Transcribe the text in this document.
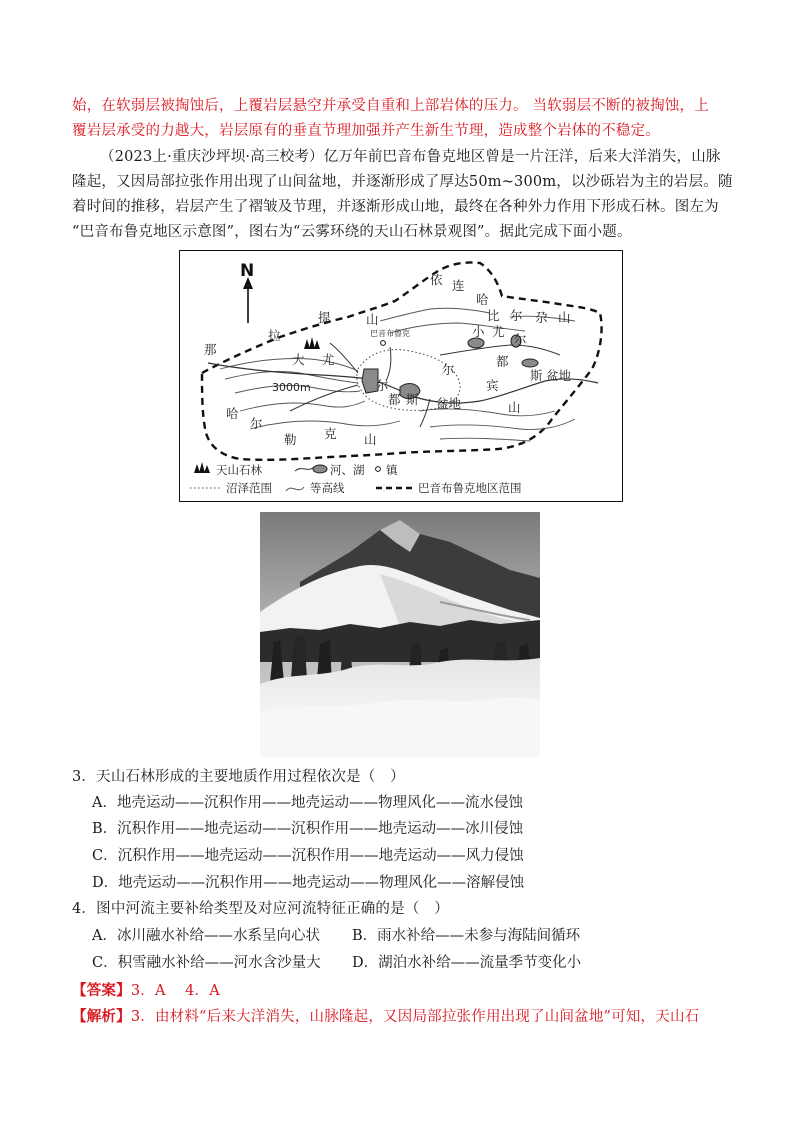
始，在软弱层被掏蚀后，上覆岩层悬空并承受自重和上部岩体的压力。 当软弱层不断的被掏蚀，上
覆岩层承受的力越大，岩层原有的垂直节理加强并产生新生节理，造成整个岩体的不稳定。
（2023上·重庆沙坪坝·高三校考）亿万年前巴音布鲁克地区曾是一片汪洋，后来大洋消失，山脉
隆起，又因局部拉张作用出现了山间盆地，并逐渐形成了厚达50m~300m，以沙砾岩为主的岩层。随
着时间的推移，岩层产生了褶皱及节理，并逐渐形成山地，最终在各种外力作用下形成石林。图左为
“巴音布鲁克地区示意图”，图右为“云雾环绕的天山石林景观图”。据此完成下面小题。
N
山
巴音布鲁克
依 连
哈
比 尔 尕 山
拉
提
大 尤
那
小 尤
尔
尔
都
斯 盆地
斯
都
尔	宾
山
盆地
哈
尔
勒 克 山
3000m
天山石林	河、湖 镇
沼泽范围	等高线	巴音布鲁克地区范围
3．天山石林形成的主要地质作用过程依次是（　）
A．地壳运动——沉积作用——地壳运动——物理风化——流水侵蚀
B．沉积作用——地壳运动——沉积作用——地壳运动——冰川侵蚀
C．沉积作用——地壳运动——沉积作用——地壳运动——风力侵蚀
D．地壳运动——沉积作用——地壳运动——物理风化——溶解侵蚀
4．图中河流主要补给类型及对应河流特征正确的是（　）
A．冰川融水补给——水系呈向心状 B．雨水补给——未参与海陆间循环
C．积雪融水补给——河水含沙量大 D．湖泊水补给——流量季节变化小
【答案】3．A　 4．A
【解析】3．由材料“后来大洋消失，山脉隆起，又因局部拉张作用出现了山间盆地”可知，天山石
